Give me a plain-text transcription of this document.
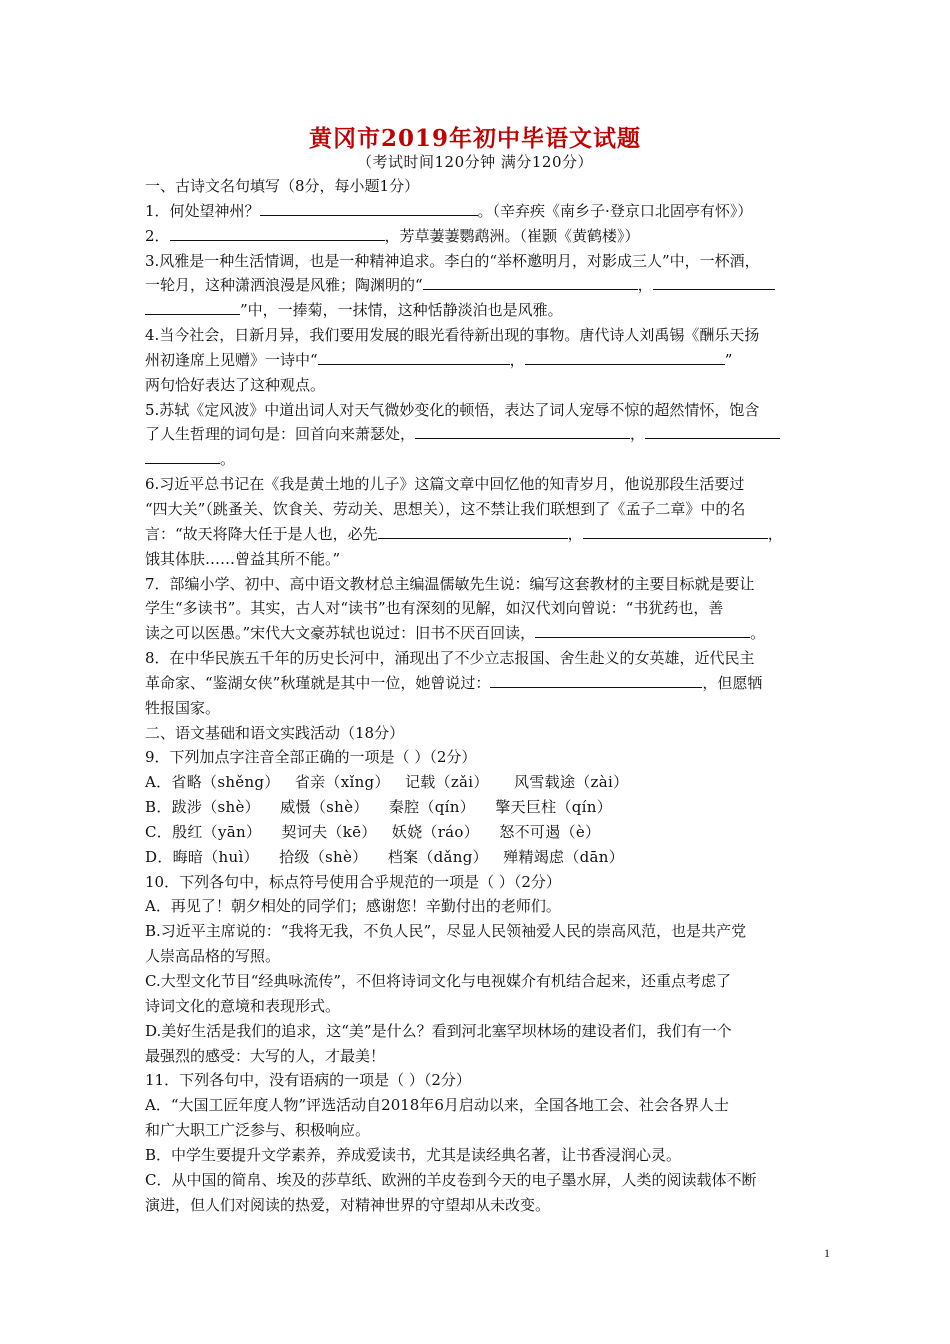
黄冈市2019年初中毕语文试题
（考试时间120分钟 满分120分）

一、古诗文名句填写（8分，每小题1分）

1．何处望神州？	。（辛弃疾《南乡子·登京口北固亭有怀》）

2．	，芳草萋萋鹦鹉洲。（崔颢《黄鹤楼》）

3.风雅是一种生活情调，也是一种精神追求。李白的“举杯邀明月，对影成三人”中，一杯酒，

一轮月，这种潇洒浪漫是风雅；陶渊明的“	，

”中，一捧菊，一抹情，这种恬静淡泊也是风雅。

4.当今社会，日新月异，我们要用发展的眼光看待新出现的事物。唐代诗人刘禹锡《酬乐天扬

州初逢席上见赠》一诗中“	，	”

两句恰好表达了这种观点。

5.苏轼《定风波》中道出词人对天气微妙变化的顿悟，表达了词人宠辱不惊的超然情怀，饱含

了人生哲理的词句是：回首向来萧瑟处，	，

。

6.习近平总书记在《我是黄土地的儿子》这篇文章中回忆他的知青岁月，他说那段生活要过

“四大关”（跳蚤关、饮食关、劳动关、思想关），这不禁让我们联想到了《孟子二章》中的名

言：“故天将降大任于是人也，必先	，	，

饿其体肤……曾益其所不能。”

7．部编小学、初中、高中语文教材总主编温儒敏先生说：编写这套教材的主要目标就是要让

学生“多读书”。其实，古人对“读书”也有深刻的见解，如汉代刘向曾说：“书犹药也，善

读之可以医愚。”宋代大文豪苏轼也说过：旧书不厌百回读，	。

8．在中华民族五千年的历史长河中，涌现出了不少立志报国、舍生赴义的女英雄，近代民主

革命家、“鉴湖女侠”秋瑾就是其中一位，她曾说过：	，但愿牺

牲报国家。

二、语文基础和语文实践活动（18分）

9．下列加点字注音全部正确的一项是（ ）（2分）

A．省略（shěng）   省亲（xǐng）   记载（zǎi）     风雪载途（zài）

B．跋涉（shè）    威慑（shè）    秦腔（qín）    擎天巨柱（qín）

C．殷红（yān）    契诃夫（kē）   妖娆（ráo）    怒不可遏（è）

D．晦暗（huì）    拾级（shè）    档案（dǎng）   殚精竭虑（dān）

10．下列各句中，标点符号使用合乎规范的一项是（ ）（2分）

A．再见了！朝夕相处的同学们；感谢您！辛勤付出的老师们。

B.习近平主席说的：“我将无我，不负人民”，尽显人民领袖爱人民的崇高风范，也是共产党

人崇高品格的写照。

C.大型文化节目“经典咏流传”，不但将诗词文化与电视媒介有机结合起来，还重点考虑了

诗词文化的意境和表现形式。

D.美好生活是我们的追求，这“美”是什么？看到河北塞罕坝林场的建设者们，我们有一个

最强烈的感受：大写的人，才最美！

11．下列各句中，没有语病的一项是（ ）（2分）

A．“大国工匠年度人物”评选活动自2018年6月启动以来，全国各地工会、社会各界人士

和广大职工广泛参与、积极响应。

B．中学生要提升文学素养，养成爱读书，尤其是读经典名著，让书香浸润心灵。

C．从中国的简帛、埃及的莎草纸、欧洲的羊皮卷到今天的电子墨水屏，人类的阅读载体不断

演进，但人们对阅读的热爱，对精神世界的守望却从未改变。

1
